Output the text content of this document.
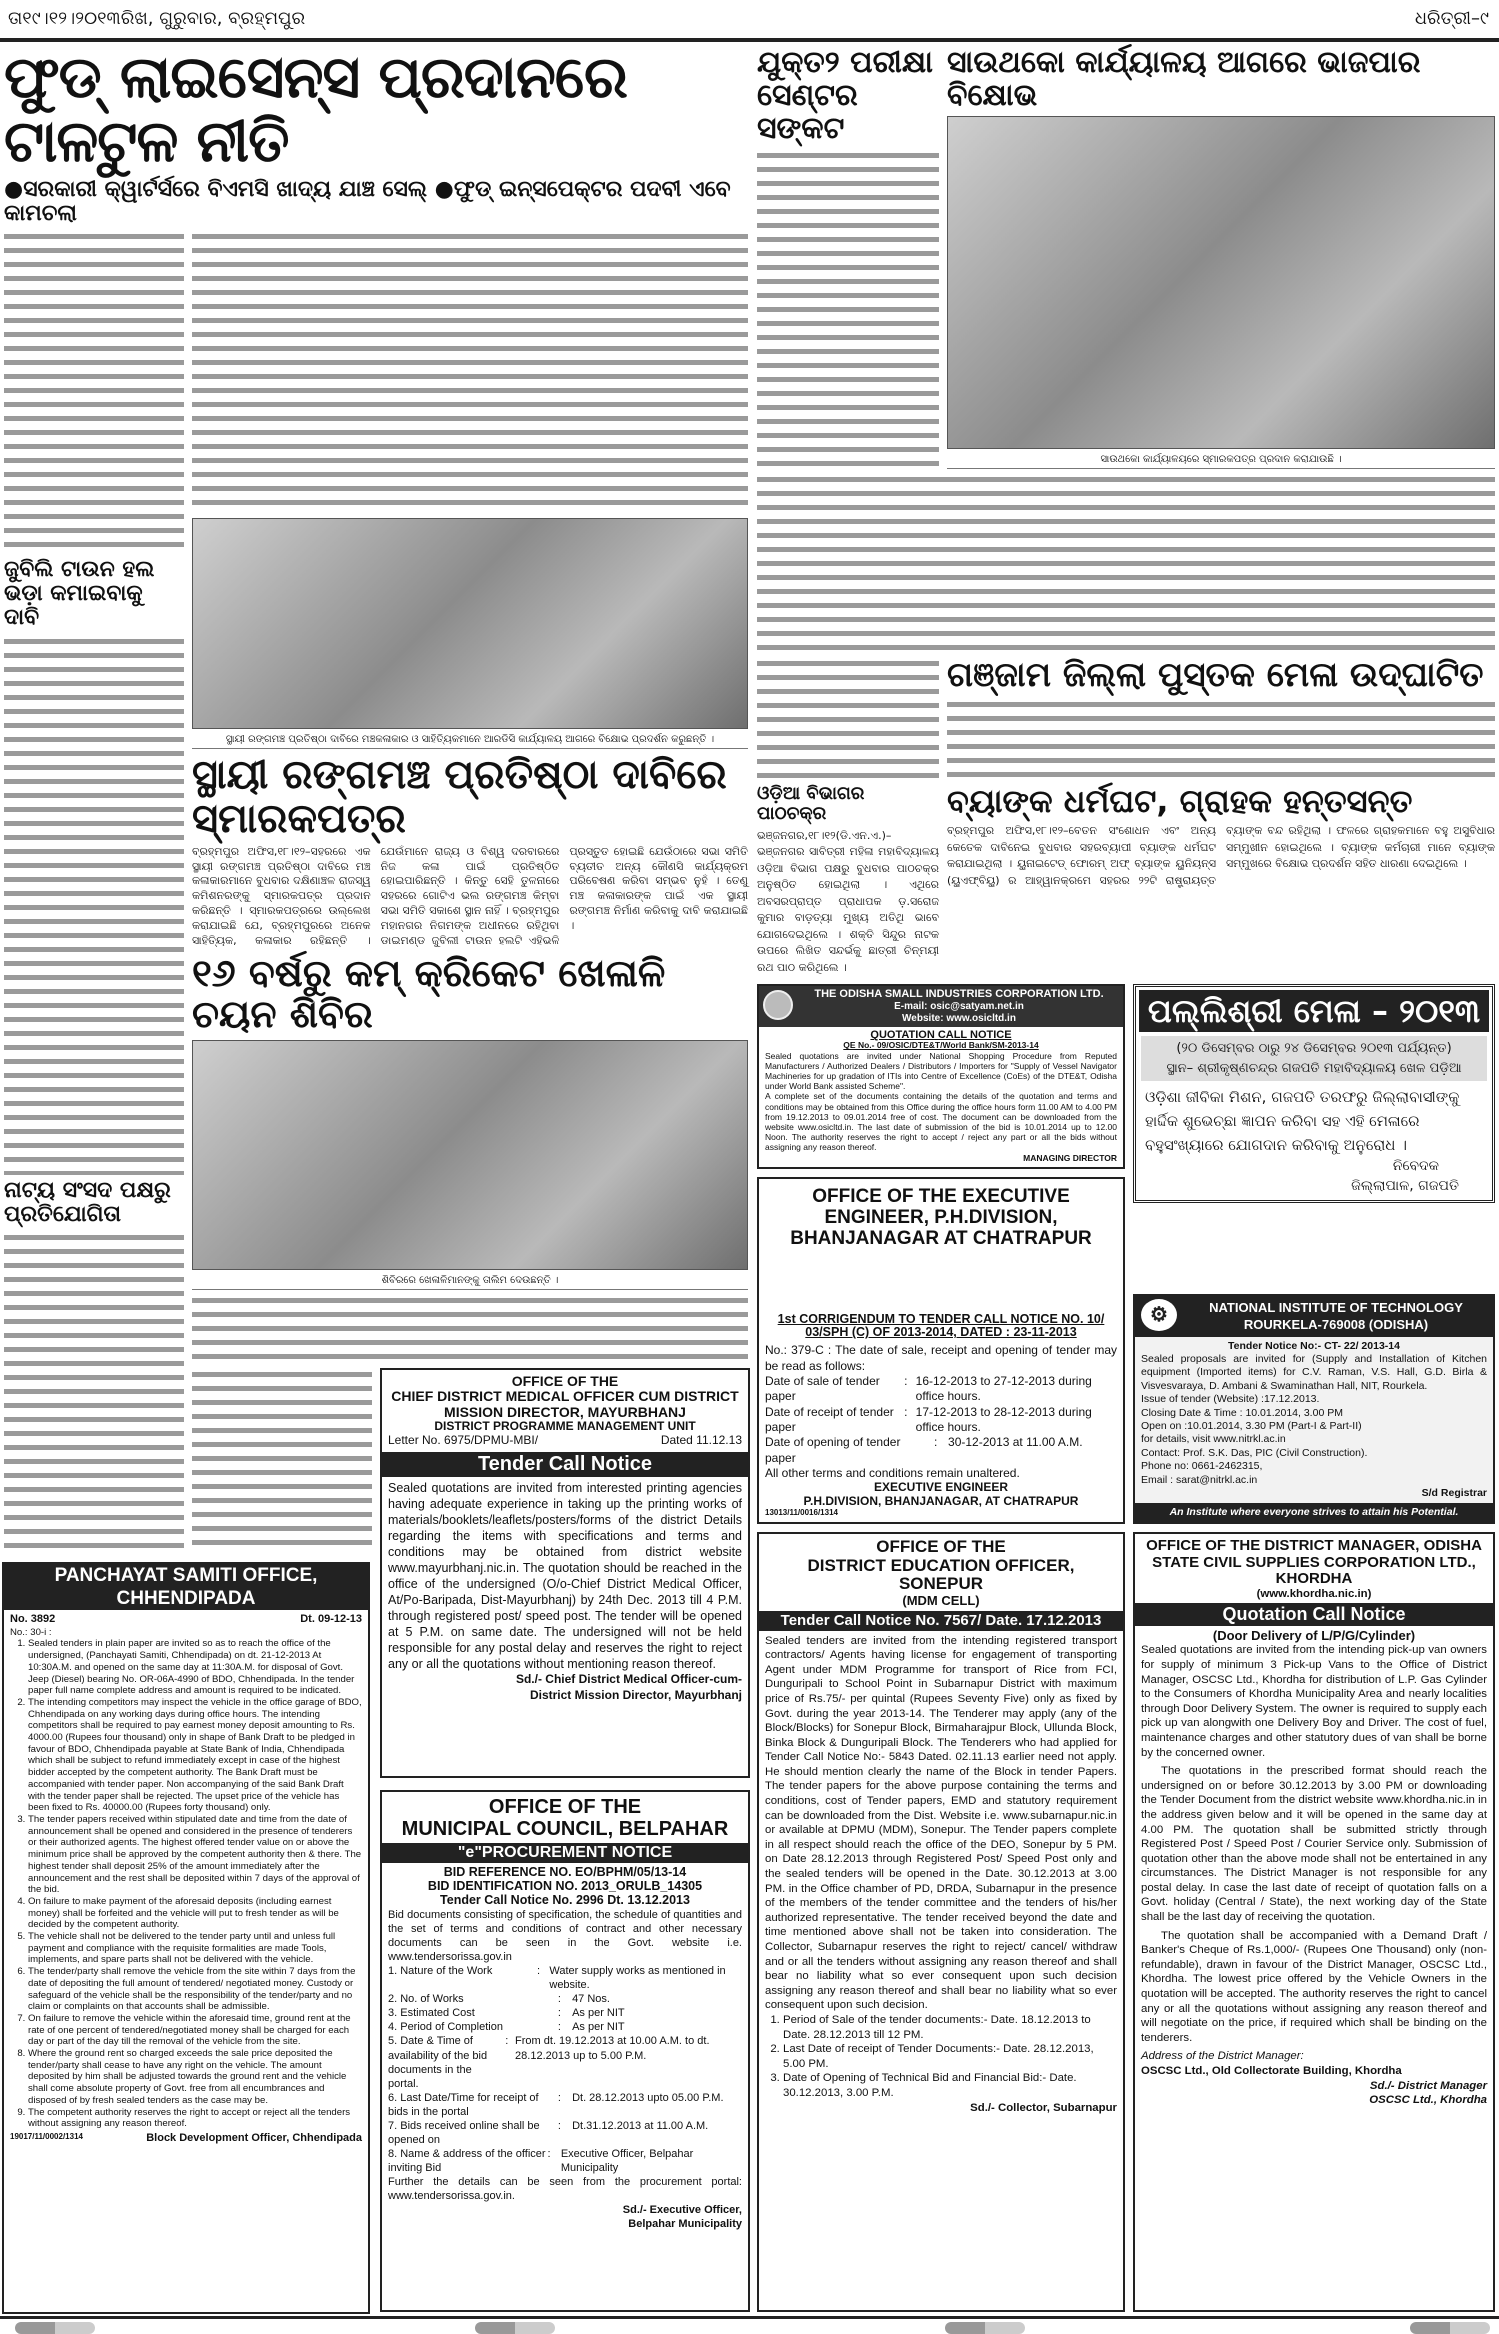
ତା୧୯।୧୨।୨୦୧୩ରିଖ, ଗୁରୁବାର, ବ୍ରହ୍ମପୁର	ଧରିତ୍ରୀ–୯
ଫୁଡ୍ ଲାଇସେନ୍ସ ପ୍ରଦାନରେ ଟାଳଟୁଳ ନୀତି
●ସରକାରୀ କ୍ୱାର୍ଟର୍ସରେ ବିଏମସି ଖାଦ୍ୟ ଯାଞ୍ଚ ସେଲ୍ ●ଫୁଡ୍ ଇନ୍ସପେକ୍ଟର ପଦବୀ ଏବେ କାମଚଲା
ଜୁବିଲି ଟାଉନ ହଲ ଭଡ଼ା କମାଇବାକୁ ଦାବି
ନାଟ୍ୟ ସଂସଦ ପକ୍ଷରୁ ପ୍ରତିଯୋଗିତା
ସ୍ଥାୟୀ ରଙ୍ଗମଞ୍ଚ ପ୍ରତିଷ୍ଠା ଦାବିରେ ମଞ୍ଚକଳାକାର ଓ ସାହିତ୍ୟିକମାନେ ଆରଡିସି କାର୍ଯ୍ୟାଳୟ ଆଗରେ ବିକ୍ଷୋଭ ପ୍ରଦର୍ଶନ କରୁଛନ୍ତି ।
ସ୍ଥାୟୀ ରଙ୍ଗମଞ୍ଚ ପ୍ରତିଷ୍ଠା ଦାବିରେ ସ୍ମାରକପତ୍ର
ବ୍ରହ୍ମପୁର ଅଫିସ,୧୮।୧୨–ସହରରେ ଏକ ସ୍ଥାୟୀ ରଙ୍ଗମଞ୍ଚ ପ୍ରତିଷ୍ଠା ଦାବିରେ ମଞ୍ଚ କଳାକାରମାନେ ବୁଧବାର ଦକ୍ଷିଣାଞ୍ଚଳ ରାଜସ୍ୱ କମିଶନରଙ୍କୁ ସ୍ମାରକପତ୍ର ପ୍ରଦାନ କରିଛନ୍ତି । ସ୍ମାରକପତ୍ରରେ ଉଲ୍ଲେଖ କରାଯାଇଛି ଯେ, ବ୍ରହ୍ମପୁରରେ ଅନେକ ସାହିତ୍ୟିକ, କଳାକାର ରହିଛନ୍ତି । ଯେଉଁମାନେ ରାଜ୍ୟ ଓ ବିଶ୍ୱ ଦରବାରରେ ନିଜ କଳା ପାଇଁ ପ୍ରତିଷ୍ଠିତ ହୋଇପାରିଛନ୍ତି । କିନ୍ତୁ ସେହି ତୁଳନାରେ ସହରରେ ଗୋଟିଏ ଭଲ ରଙ୍ଗମଞ୍ଚ କିମ୍ବା ସଭା ସମିତି ସକାଶେ ସ୍ଥାନ ନାହିଁ । ବ୍ରହ୍ମପୁର ମହାନଗର ନିଗମଙ୍କ ଅଧୀନରେ ରହିଥିବା ଡାଇମଣ୍ଡ ଜୁବିଲୀ ଟାଉନ ହଲଟି ଏହିଭଳି ପ୍ରସ୍ତୁତ ହୋଇଛି ଯେଉଁଠାରେ ସଭା ସମିତି ବ୍ୟତୀତ ଅନ୍ୟ କୌଣସି କାର୍ଯ୍ୟକ୍ରମ ପରିବେଷଣ କରିବା ସମ୍ଭବ ନୁହଁ । ତେଣୁ ମଞ୍ଚ କଳାକାରଙ୍କ ପାଇଁ ଏକ ସ୍ଥାୟୀ ରଙ୍ଗମଞ୍ଚ ନିର୍ମାଣ କରିବାକୁ ଦାବି କରାଯାଇଛି ।
୧୬ ବର୍ଷରୁ କମ୍ କ୍ରିକେଟ ଖେଳାଳି ଚୟନ ଶିବିର
ଶିବିରରେ ଖେଳାଳିମାନଙ୍କୁ ତାଲିମ ଦେଉଛନ୍ତି ।
ଯୁକ୍ତ୨ ପରୀକ୍ଷା ସେଣ୍ଟର ସଙ୍କଟ
ସାଉଥକୋ କାର୍ଯ୍ୟାଳୟ ଆଗରେ ଭାଜପାର ବିକ୍ଷୋଭ
ସାଉଥକୋ କାର୍ଯ୍ୟାଳୟରେ ସ୍ମାରକପତ୍ର ପ୍ରଦାନ କରାଯାଉଛି ।
ଗଞ୍ଜାମ ଜିଲ୍ଲା ପୁସ୍ତକ ମେଳା ଉଦ୍‌ଘାଟିତ
ଓଡ଼ିଆ ବିଭାଗର ପାଠଚକ୍ର
ଭଞ୍ଜନଗର,୧୮।୧୨(ଡି.ଏନ.ଏ.)– ଭଞ୍ଜନଗର ସାବିତ୍ରୀ ମହିଳା ମହାବିଦ୍ୟାଳୟ ଓଡ଼ିଆ ବିଭାଗ ପକ୍ଷରୁ ବୁଧବାର ପାଠଚକ୍ର ଅନୁଷ୍ଠିତ ହୋଇଥିଲା । ଏଥିରେ ଅବସରପ୍ରାପ୍ତ ପ୍ରାଧାପକ ଡ଼.ସରୋଜ କୁମାର ବାଡ଼ତ୍ୟା ମୁଖ୍ୟ ଅତିଥି ଭାବେ ଯୋଗଦେଇଥିଲେ । ଶକ୍ତି ସିନ୍ଦୁର ନାଟକ ଉପରେ ଲିଖିତ ସନ୍ଦର୍ଭକୁ ଛାତ୍ରୀ ଚିନ୍ମୟୀ ରଥ ପାଠ କରିଥିଲେ ।
ବ୍ୟାଙ୍କ ଧର୍ମଘଟ, ଗ୍ରାହକ ହନ୍ତସନ୍ତ
ବ୍ରହ୍ମପୁର ଅଫିସ,୧୮।୧୨–ବେତନ ସଂଶୋଧନ ଏବଂ ଅନ୍ୟ କେତେକ ଦାବିନେଇ ବୁଧବାର ସହରବ୍ୟାପୀ ବ୍ୟାଙ୍କ ଧର୍ମଘଟ କରାଯାଇଥିଲା । ୟୁନାଇଟେଡ୍ ଫୋରମ୍ ଅଫ୍ ବ୍ୟାଙ୍କ ୟୁନିୟନ୍ସ (ୟୁଏଫ୍‌ବିୟୁ) ର ଆହ୍ୱାନକ୍ରମେ ସହରର ୨୨ଟି ରାଷ୍ଟ୍ରାୟତ୍ତ ବ୍ୟାଙ୍କ ବନ୍ଦ ରହିଥିଲା । ଫଳରେ ଗ୍ରାହକମାନେ ବହୁ ଅସୁବିଧାର ସମ୍ମୁଖୀନ ହୋଇଥିଲେ । ବ୍ୟାଙ୍କ କର୍ମଚାରୀ ମାନେ ବ୍ୟାଙ୍କ ସମ୍ମୁଖରେ ବିକ୍ଷୋଭ ପ୍ରଦର୍ଶନ ସହିତ ଧାରଣା ଦେଇଥିଲେ ।
THE ODISHA SMALL INDUSTRIES CORPORATION LTD.
E-mail: osic@satyam.net.in
Website: www.osicltd.in
QUOTATION CALL NOTICE
QE No.- 09/OSIC/DTE&T/World Bank/SM-2013-14

Sealed quotations are invited under National Shopping Procedure from Reputed Manufacturers / Authorized Dealers / Distributors / Importers for "Supply of Vessel Navigator Machineries for up gradation of ITIs into Centre of Excellence (CoEs) of the DTE&T, Odisha under World Bank assisted Scheme".

A complete set of the documents containing the details of the quotation and terms and conditions may be obtained from this Office during the office hours form 11.00 AM to 4.00 PM from 19.12.2013 to 09.01.2014 free of cost. The document can be downloaded from the website www.osicltd.in. The last date of submission of the bid is 10.01.2014 up to 12.00 Noon. The authority reserves the right to accept / reject any part or all the bids without assigning any reason thereof.

MANAGING DIRECTOR
OFFICE OF THE EXECUTIVE ENGINEER, P.H.DIVISION, BHANJANAGAR AT CHATRAPUR
1st CORRIGENDUM TO TENDER CALL NOTICE NO. 10/ 03/SPH (C) OF 2013-2014, DATED : 23-11-2013

No.: 379-C : The date of sale, receipt and opening of tender may be read as follows:

Date of sale of tender paper
: 16-12-2013 to 27-12-2013 during office hours.
Date of receipt of tender paper
: 17-12-2013 to 28-12-2013 during office hours.
Date of opening of tender paper
: 30-12-2013 at 11.00 A.M.

All other terms and conditions remain unaltered.

EXECUTIVE ENGINEER
P.H.DIVISION, BHANJANAGAR, AT CHATRAPUR
13013/11/0016/1314
ପଲ୍ଲିଶ୍ରୀ ମେଳା – ୨୦୧୩
(୨୦ ଡିସେମ୍ବର ଠାରୁ ୨୪ ଡିସେମ୍ବର ୨୦୧୩ ପର୍ଯ୍ୟନ୍ତ)
ସ୍ଥାନ– ଶ୍ରୀକୃଷ୍ଣଚନ୍ଦ୍ର ଗଜପତି ମହାବିଦ୍ୟାଳୟ ଖେଳ ପଡ଼ିଆ
ଓଡ଼ିଶା ଜୀବିକା ମିଶନ, ଗଜପତି ତରଫରୁ ଜିଲ୍ଲାବାସୀଙ୍କୁ ହାର୍ଦ୍ଦିକ ଶୁଭେଚ୍ଛା ଜ୍ଞାପନ କରିବା ସହ ଏହି ମେଳାରେ ବହୁସଂଖ୍ୟାରେ ଯୋଗଦାନ କରିବାକୁ ଅନୁରୋଧ ।
ନିବେଦକ
ଜିଲ୍ଲାପାଳ, ଗଜପତି
⚙	NATIONAL INSTITUTE OF TECHNOLOGY
ROURKELA-769008 (ODISHA)
Tender Notice No:- CT- 22/ 2013-14

Sealed proposals are invited for (Supply and Installation of Kitchen equipment (Imported items) for C.V. Raman, V.S. Hall, G.D. Birla & Visvesvaraya, D. Ambani & Swaminathan Hall, NIT, Rourkela.

Issue of tender (Website) :17.12.2013.
Closing Date & Time : 10.01.2014, 3.00 PM
Open on :10.01.2014, 3.30 PM (Part-I & Part-II)
for details, visit www.nitrkl.ac.in
Contact: Prof. S.K. Das, PIC (Civil Construction).
Phone no: 0661-2462315,
Email : sarat@nitrkl.ac.in
S/d Registrar
An Institute where everyone strives to attain his Potential.
OFFICE OF THE
CHIEF DISTRICT MEDICAL OFFICER CUM DISTRICT MISSION DIRECTOR, MAYURBHANJ
DISTRICT PROGRAMME MANAGEMENT UNIT
Letter No. 6975/DPMU-MBI/	Dated 11.12.13
Tender Call Notice

Sealed quotations are invited from interested printing agencies having adequate experience in taking up the printing works of materials/booklets/leaflets/posters/forms of the district Details regarding the items with specifications and terms and conditions may be obtained from district website www.mayurbhanj.nic.in. The quotation should be reached in the office of the undersigned (O/o-Chief District Medical Officer, At/Po-Baripada, Dist-Mayurbhanj) by 24th Dec. 2013 till 4 P.M. through registered post/ speed post. The tender will be opened at 5 P.M. on same date. The undersigned will not be held responsible for any postal delay and reserves the right to reject any or all the quotations without mentioning reason thereof.

Sd./- Chief District Medical Officer-cum-
District Mission Director, Mayurbhanj
OFFICE OF THE
MUNICIPAL COUNCIL, BELPAHAR
"e"PROCUREMENT NOTICE
BID REFERENCE NO. EO/BPHM/05/13-14
BID IDENTIFICATION NO. 2013_ORULB_14305
Tender Call Notice No. 2996 Dt. 13.12.2013

Bid documents consisting of specification, the schedule of quantities and the set of terms and conditions of contract and other necessary documents can be seen in the Govt. website i.e. www.tendersorissa.gov.in

1. Nature of the Work	: Water supply works as mentioned in website.
2. No. of Works	:	47 Nos.
3. Estimated Cost	:	As per NIT
4. Period of Completion	:	As per NIT
5. Date & Time of availability of the bid documents in the portal.
: From dt. 19.12.2013 at 10.00 A.M. to dt. 28.12.2013 up to 5.00 P.M.
6. Last Date/Time for receipt of bids in the portal
:	Dt. 28.12.2013 upto 05.00 P.M.
7. Bids received online shall be opened on
:	Dt.31.12.2013 at 11.00 A.M.
8. Name & address of the officer inviting Bid
: Executive Officer, Belpahar Municipality

Further the details can be seen from the procurement portal: www.tendersorissa.gov.in.

Sd./- Executive Officer,
Belpahar Municipality
PANCHAYAT SAMITI OFFICE, CHHENDIPADA
No. 3892	Dt. 09-12-13
No.: 30-i :
1. Sealed tenders in plain paper are invited so as to reach the office of the undersigned, (Panchayati Samiti, Chhendipada) on dt. 21-12-2013 At 10:30A.M. and opened on the same day at 11:30A.M. for disposal of Govt. Jeep (Diesel) bearing No. OR-06A-4990 of BDO, Chhendipada. In the tender paper full name complete address and amount is required to be indicated.
2. The intending competitors may inspect the vehicle in the office garage of BDO, Chhendipada on any working days during office hours. The intending competitors shall be required to pay earnest money deposit amounting to Rs. 4000.00 (Rupees four thousand) only in shape of Bank Draft to be pledged in favour of BDO, Chhendipada payable at State Bank of India, Chhendipada which shall be subject to refund immediately except in case of the highest bidder accepted by the competent authority. The Bank Draft must be accompanied with tender paper. Non accompanying of the said Bank Draft with the tender paper shall be rejected. The upset price of the vehicle has been fixed to Rs. 40000.00 (Rupees forty thousand) only.
3. The tender papers received within stipulated date and time from the date of announcement shall be opened and considered in the presence of tenderers or their authorized agents. The highest offered tender value on or above the minimum price shall be approved by the competent authority then & there. The highest tender shall deposit 25% of the amount immediately after the announcement and the rest shall be deposited within 7 days of the approval of the bid.
4. On failure to make payment of the aforesaid deposits (including earnest money) shall be forfeited and the vehicle will put to fresh tender as will be decided by the competent authority.
5. The vehicle shall not be delivered to the tender party until and unless full payment and compliance with the requisite formalities are made Tools, implements, and spare parts shall not be delivered with the vehicle.
6. The tender/party shall remove the vehicle from the site within 7 days from the date of depositing the full amount of tendered/ negotiated money. Custody or safeguard of the vehicle shall be the responsibility of the tender/party and no claim or complaints on that accounts shall be admissible.
7. On failure to remove the vehicle within the aforesaid time, ground rent at the rate of one percent of tendered/negotiated money shall be charged for each day or part of the day till the removal of the vehicle from the site.
8. Where the ground rent so charged exceeds the sale price deposited the tender/party shall cease to have any right on the vehicle. The amount deposited by him shall be adjusted towards the ground rent and the vehicle shall come absolute property of Govt. free from all encumbrances and disposed of by fresh sealed tenders as the case may be.
9. The competent authority reserves the right to accept or reject all the tenders without assigning any reason thereof.
19017/11/0002/1314	Block Development Officer, Chhendipada
OFFICE OF THE
DISTRICT EDUCATION OFFICER, SONEPUR
(MDM CELL)
Tender Call Notice No. 7567/ Date. 17.12.2013

Sealed tenders are invited from the intending registered transport contractors/ Agents having license for engagement of transporting Agent under MDM Programme for transport of Rice from FCI, Dunguripali to School Point in Subarnapur District with maximum price of Rs.75/- per quintal (Rupees Seventy Five) only as fixed by Govt. during the year 2013-14. The Tenderer may apply (any of the Block/Blocks) for Sonepur Block, Birmaharajpur Block, Ullunda Block, Binka Block & Dunguripali Block. The Tenderers who had applied for Tender Call Notice No:- 5843 Dated. 02.11.13 earlier need not apply. He should mention clearly the name of the Block in tender Papers. The tender papers for the above purpose containing the terms and conditions, cost of Tender papers, EMD and statutory requirement can be downloaded from the Dist. Website i.e. www.subarnapur.nic.in or available at DPMU (MDM), Sonepur. The Tender papers complete in all respect should reach the office of the DEO, Sonepur by 5 PM. on Date 28.12.2013 through Registered Post/ Speed Post only and the sealed tenders will be opened in the Date. 30.12.2013 at 3.00 PM. in the Office chamber of PD, DRDA, Subarnapur in the presence of the members of the tender committee and the tenders of his/her authorized representative. The tender received beyond the date and time mentioned above shall not be taken into consideration. The Collector, Subarnapur reserves the right to reject/ cancel/ withdraw and or all the tenders without assigning any reason thereof and shall bear no liability what so ever consequent upon such decision assigning any reason thereof and shall bear no liability what so ever consequent upon such decision.

1. Period of Sale of the tender documents:- Date. 18.12.2013 to Date. 28.12.2013 till 12 PM.
2. Last Date of receipt of Tender Documents:- Date. 28.12.2013, 5.00 PM.
3. Date of Opening of Technical Bid and Financial Bid:- Date. 30.12.2013, 3.00 P.M.
Sd./- Collector, Subarnapur
OFFICE OF THE DISTRICT MANAGER, ODISHA STATE CIVIL SUPPLIES CORPORATION LTD., KHORDHA
(www.khordha.nic.in)
Quotation Call Notice
(Door Delivery of L/P/G/Cylinder)

Sealed quotations are invited from the intending pick-up van owners for supply of minimum 3 Pick-up Vans to the Office of District Manager, OSCSC Ltd., Khordha for distribution of L.P. Gas Cylinder to the Consumers of Khordha Municipality Area and nearly localities through Door Delivery System. The owner is required to supply each pick up van alongwith one Delivery Boy and Driver. The cost of fuel, maintenance charges and other statutory dues of van shall be borne by the concerned owner.

The quotations in the prescribed format should reach the undersigned on or before 30.12.2013 by 3.00 PM or downloading the Tender Document from the district website www.khordha.nic.in in the address given below and it will be opened in the same day at 4.00 PM. The quotation shall be submitted strictly through Registered Post / Speed Post / Courier Service only. Submission of quotation other than the above mode shall not be entertained in any circumstances. The District Manager is not responsible for any postal delay. In case the last date of receipt of quotation falls on a Govt. holiday (Central / State), the next working day of the State shall be the last day of receiving the quotation.

The quotation shall be accompanied with a Demand Draft / Banker's Cheque of Rs.1,000/- (Rupees One Thousand) only (non-refundable), drawn in favour of the District Manager, OSCSC Ltd., Khordha. The lowest price offered by the Vehicle Owners in the quotation will be accepted. The authority reserves the right to cancel any or all the quotations without assigning any reason thereof and will negotiate on the price, if required which shall be binding on the tenderers.

Address of the District Manager:
OSCSC Ltd., Old Collectorate Building, Khordha
Sd./- District Manager
OSCSC Ltd., Khordha
